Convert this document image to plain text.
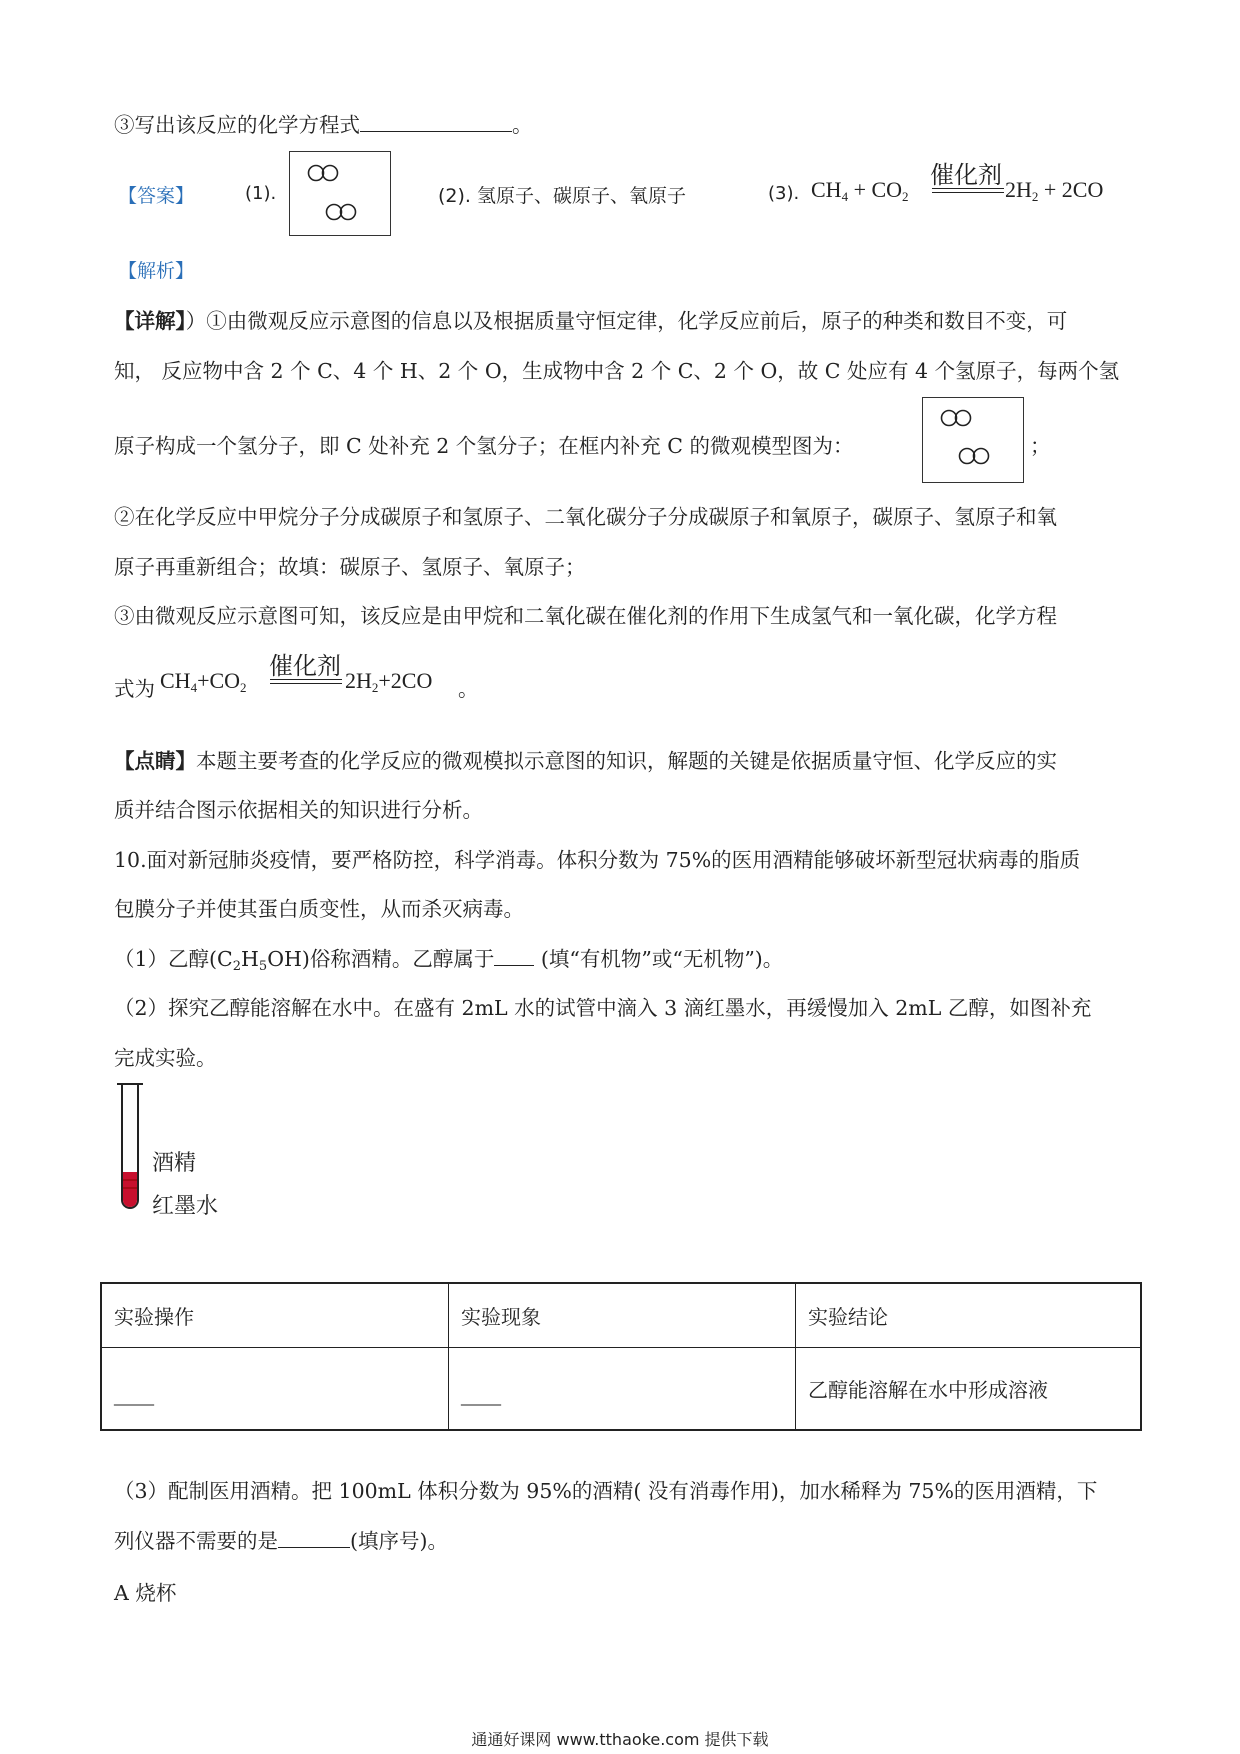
③写出该反应的化学方程式	。
【答案】	(1).	(2). 氢原子、碳原子、氧原子	(3). $CH_4 + CO_2$
催化剂
$2H_2 + 2CO$
【解析】
【详解】）①由微观反应示意图的信息以及根据质量守恒定律，化学反应前后，原子的种类和数目不变，可
知， 反应物中含 2 个 C、4 个 H、2 个 O，生成物中含 2 个 C、2 个 O，故 C 处应有 4 个氢原子，每两个氢
原子构成一个氢分子，即 C 处补充 2 个氢分子；在框内补充 C 的微观模型图为：	；
②在化学反应中甲烷分子分成碳原子和氢原子、二氧化碳分子分成碳原子和氧原子，碳原子、氢原子和氧
原子再重新组合；故填：碳原子、氢原子、氧原子；
③由微观反应示意图可知，该反应是由甲烷和二氧化碳在催化剂的作用下生成氢气和一氧化碳，化学方程
式为 $CH_4+CO_2$
催化剂
$2H_2+2CO$ 。
【点睛】本题主要考查的化学反应的微观模拟示意图的知识，解题的关键是依据质量守恒、化学反应的实
质并结合图示依据相关的知识进行分析。
10.面对新冠肺炎疫情，要严格防控，科学消毒。体积分数为 75%的医用酒精能够破坏新型冠状病毒的脂质
包膜分子并使其蛋白质变性，从而杀灭病毒。
（1）乙醇$(C_2H_5OH)$俗称酒精。乙醇属于 (填“有机物”或“无机物”)。
（2）探究乙醇能溶解在水中。在盛有 2mL 水的试管中滴入 3 滴红墨水，再缓慢加入 2mL 乙醇，如图补充
完成实验。
酒精
红墨水
实验操作	实验现象	实验结论
____	____	乙醇能溶解在水中形成溶液
（3）配制医用酒精。把 100mL 体积分数为 95%的酒精( 没有消毒作用)，加水稀释为 75%的医用酒精，下
列仪器不需要的是	(填序号)。
A 烧杯
通通好课网 www.tthaoke.com 提供下载
